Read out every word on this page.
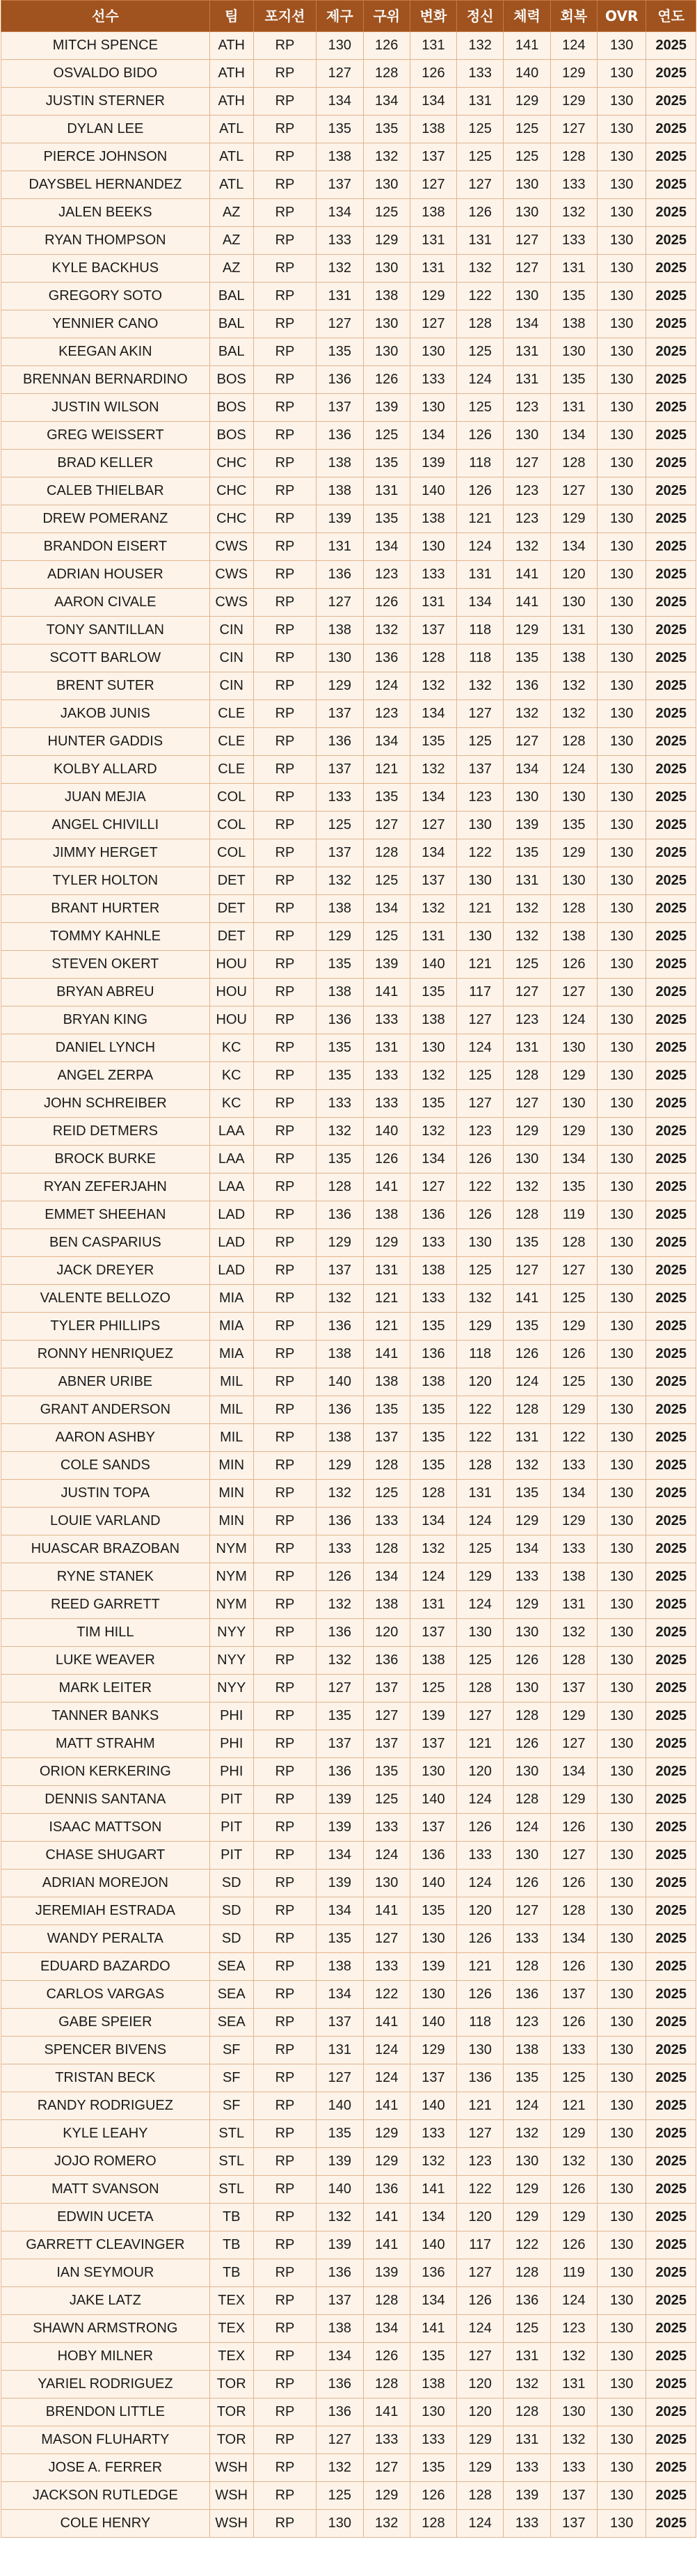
선수	팀	포지션	제구	구위	변화	정신	체력	회복	OVR	연도
MITCH SPENCE	ATH	RP	130	126	131	132	141	124	130	2025
OSVALDO BIDO	ATH	RP	127	128	126	133	140	129	130	2025
JUSTIN STERNER	ATH	RP	134	134	134	131	129	129	130	2025
DYLAN LEE	ATL	RP	135	135	138	125	125	127	130	2025
PIERCE JOHNSON	ATL	RP	138	132	137	125	125	128	130	2025
DAYSBEL HERNANDEZ	ATL	RP	137	130	127	127	130	133	130	2025
JALEN BEEKS	AZ	RP	134	125	138	126	130	132	130	2025
RYAN THOMPSON	AZ	RP	133	129	131	131	127	133	130	2025
KYLE BACKHUS	AZ	RP	132	130	131	132	127	131	130	2025
GREGORY SOTO	BAL	RP	131	138	129	122	130	135	130	2025
YENNIER CANO	BAL	RP	127	130	127	128	134	138	130	2025
KEEGAN AKIN	BAL	RP	135	130	130	125	131	130	130	2025
BRENNAN BERNARDINO	BOS	RP	136	126	133	124	131	135	130	2025
JUSTIN WILSON	BOS	RP	137	139	130	125	123	131	130	2025
GREG WEISSERT	BOS	RP	136	125	134	126	130	134	130	2025
BRAD KELLER	CHC	RP	138	135	139	118	127	128	130	2025
CALEB THIELBAR	CHC	RP	138	131	140	126	123	127	130	2025
DREW POMERANZ	CHC	RP	139	135	138	121	123	129	130	2025
BRANDON EISERT	CWS	RP	131	134	130	124	132	134	130	2025
ADRIAN HOUSER	CWS	RP	136	123	133	131	141	120	130	2025
AARON CIVALE	CWS	RP	127	126	131	134	141	130	130	2025
TONY SANTILLAN	CIN	RP	138	132	137	118	129	131	130	2025
SCOTT BARLOW	CIN	RP	130	136	128	118	135	138	130	2025
BRENT SUTER	CIN	RP	129	124	132	132	136	132	130	2025
JAKOB JUNIS	CLE	RP	137	123	134	127	132	132	130	2025
HUNTER GADDIS	CLE	RP	136	134	135	125	127	128	130	2025
KOLBY ALLARD	CLE	RP	137	121	132	137	134	124	130	2025
JUAN MEJIA	COL	RP	133	135	134	123	130	130	130	2025
ANGEL CHIVILLI	COL	RP	125	127	127	130	139	135	130	2025
JIMMY HERGET	COL	RP	137	128	134	122	135	129	130	2025
TYLER HOLTON	DET	RP	132	125	137	130	131	130	130	2025
BRANT HURTER	DET	RP	138	134	132	121	132	128	130	2025
TOMMY KAHNLE	DET	RP	129	125	131	130	132	138	130	2025
STEVEN OKERT	HOU	RP	135	139	140	121	125	126	130	2025
BRYAN ABREU	HOU	RP	138	141	135	117	127	127	130	2025
BRYAN KING	HOU	RP	136	133	138	127	123	124	130	2025
DANIEL LYNCH	KC	RP	135	131	130	124	131	130	130	2025
ANGEL ZERPA	KC	RP	135	133	132	125	128	129	130	2025
JOHN SCHREIBER	KC	RP	133	133	135	127	127	130	130	2025
REID DETMERS	LAA	RP	132	140	132	123	129	129	130	2025
BROCK BURKE	LAA	RP	135	126	134	126	130	134	130	2025
RYAN ZEFERJAHN	LAA	RP	128	141	127	122	132	135	130	2025
EMMET SHEEHAN	LAD	RP	136	138	136	126	128	119	130	2025
BEN CASPARIUS	LAD	RP	129	129	133	130	135	128	130	2025
JACK DREYER	LAD	RP	137	131	138	125	127	127	130	2025
VALENTE BELLOZO	MIA	RP	132	121	133	132	141	125	130	2025
TYLER PHILLIPS	MIA	RP	136	121	135	129	135	129	130	2025
RONNY HENRIQUEZ	MIA	RP	138	141	136	118	126	126	130	2025
ABNER URIBE	MIL	RP	140	138	138	120	124	125	130	2025
GRANT ANDERSON	MIL	RP	136	135	135	122	128	129	130	2025
AARON ASHBY	MIL	RP	138	137	135	122	131	122	130	2025
COLE SANDS	MIN	RP	129	128	135	128	132	133	130	2025
JUSTIN TOPA	MIN	RP	132	125	128	131	135	134	130	2025
LOUIE VARLAND	MIN	RP	136	133	134	124	129	129	130	2025
HUASCAR BRAZOBAN	NYM	RP	133	128	132	125	134	133	130	2025
RYNE STANEK	NYM	RP	126	134	124	129	133	138	130	2025
REED GARRETT	NYM	RP	132	138	131	124	129	131	130	2025
TIM HILL	NYY	RP	136	120	137	130	130	132	130	2025
LUKE WEAVER	NYY	RP	132	136	138	125	126	128	130	2025
MARK LEITER	NYY	RP	127	137	125	128	130	137	130	2025
TANNER BANKS	PHI	RP	135	127	139	127	128	129	130	2025
MATT STRAHM	PHI	RP	137	137	137	121	126	127	130	2025
ORION KERKERING	PHI	RP	136	135	130	120	130	134	130	2025
DENNIS SANTANA	PIT	RP	139	125	140	124	128	129	130	2025
ISAAC MATTSON	PIT	RP	139	133	137	126	124	126	130	2025
CHASE SHUGART	PIT	RP	134	124	136	133	130	127	130	2025
ADRIAN MOREJON	SD	RP	139	130	140	124	126	126	130	2025
JEREMIAH ESTRADA	SD	RP	134	141	135	120	127	128	130	2025
WANDY PERALTA	SD	RP	135	127	130	126	133	134	130	2025
EDUARD BAZARDO	SEA	RP	138	133	139	121	128	126	130	2025
CARLOS VARGAS	SEA	RP	134	122	130	126	136	137	130	2025
GABE SPEIER	SEA	RP	137	141	140	118	123	126	130	2025
SPENCER BIVENS	SF	RP	131	124	129	130	138	133	130	2025
TRISTAN BECK	SF	RP	127	124	137	136	135	125	130	2025
RANDY RODRIGUEZ	SF	RP	140	141	140	121	124	121	130	2025
KYLE LEAHY	STL	RP	135	129	133	127	132	129	130	2025
JOJO ROMERO	STL	RP	139	129	132	123	130	132	130	2025
MATT SVANSON	STL	RP	140	136	141	122	129	126	130	2025
EDWIN UCETA	TB	RP	132	141	134	120	129	129	130	2025
GARRETT CLEAVINGER	TB	RP	139	141	140	117	122	126	130	2025
IAN SEYMOUR	TB	RP	136	139	136	127	128	119	130	2025
JAKE LATZ	TEX	RP	137	128	134	126	136	124	130	2025
SHAWN ARMSTRONG	TEX	RP	138	134	141	124	125	123	130	2025
HOBY MILNER	TEX	RP	134	126	135	127	131	132	130	2025
YARIEL RODRIGUEZ	TOR	RP	136	128	138	120	132	131	130	2025
BRENDON LITTLE	TOR	RP	136	141	130	120	128	130	130	2025
MASON FLUHARTY	TOR	RP	127	133	133	129	131	132	130	2025
JOSE A. FERRER	WSH	RP	132	127	135	129	133	133	130	2025
JACKSON RUTLEDGE	WSH	RP	125	129	126	128	139	137	130	2025
COLE HENRY	WSH	RP	130	132	128	124	133	137	130	2025
